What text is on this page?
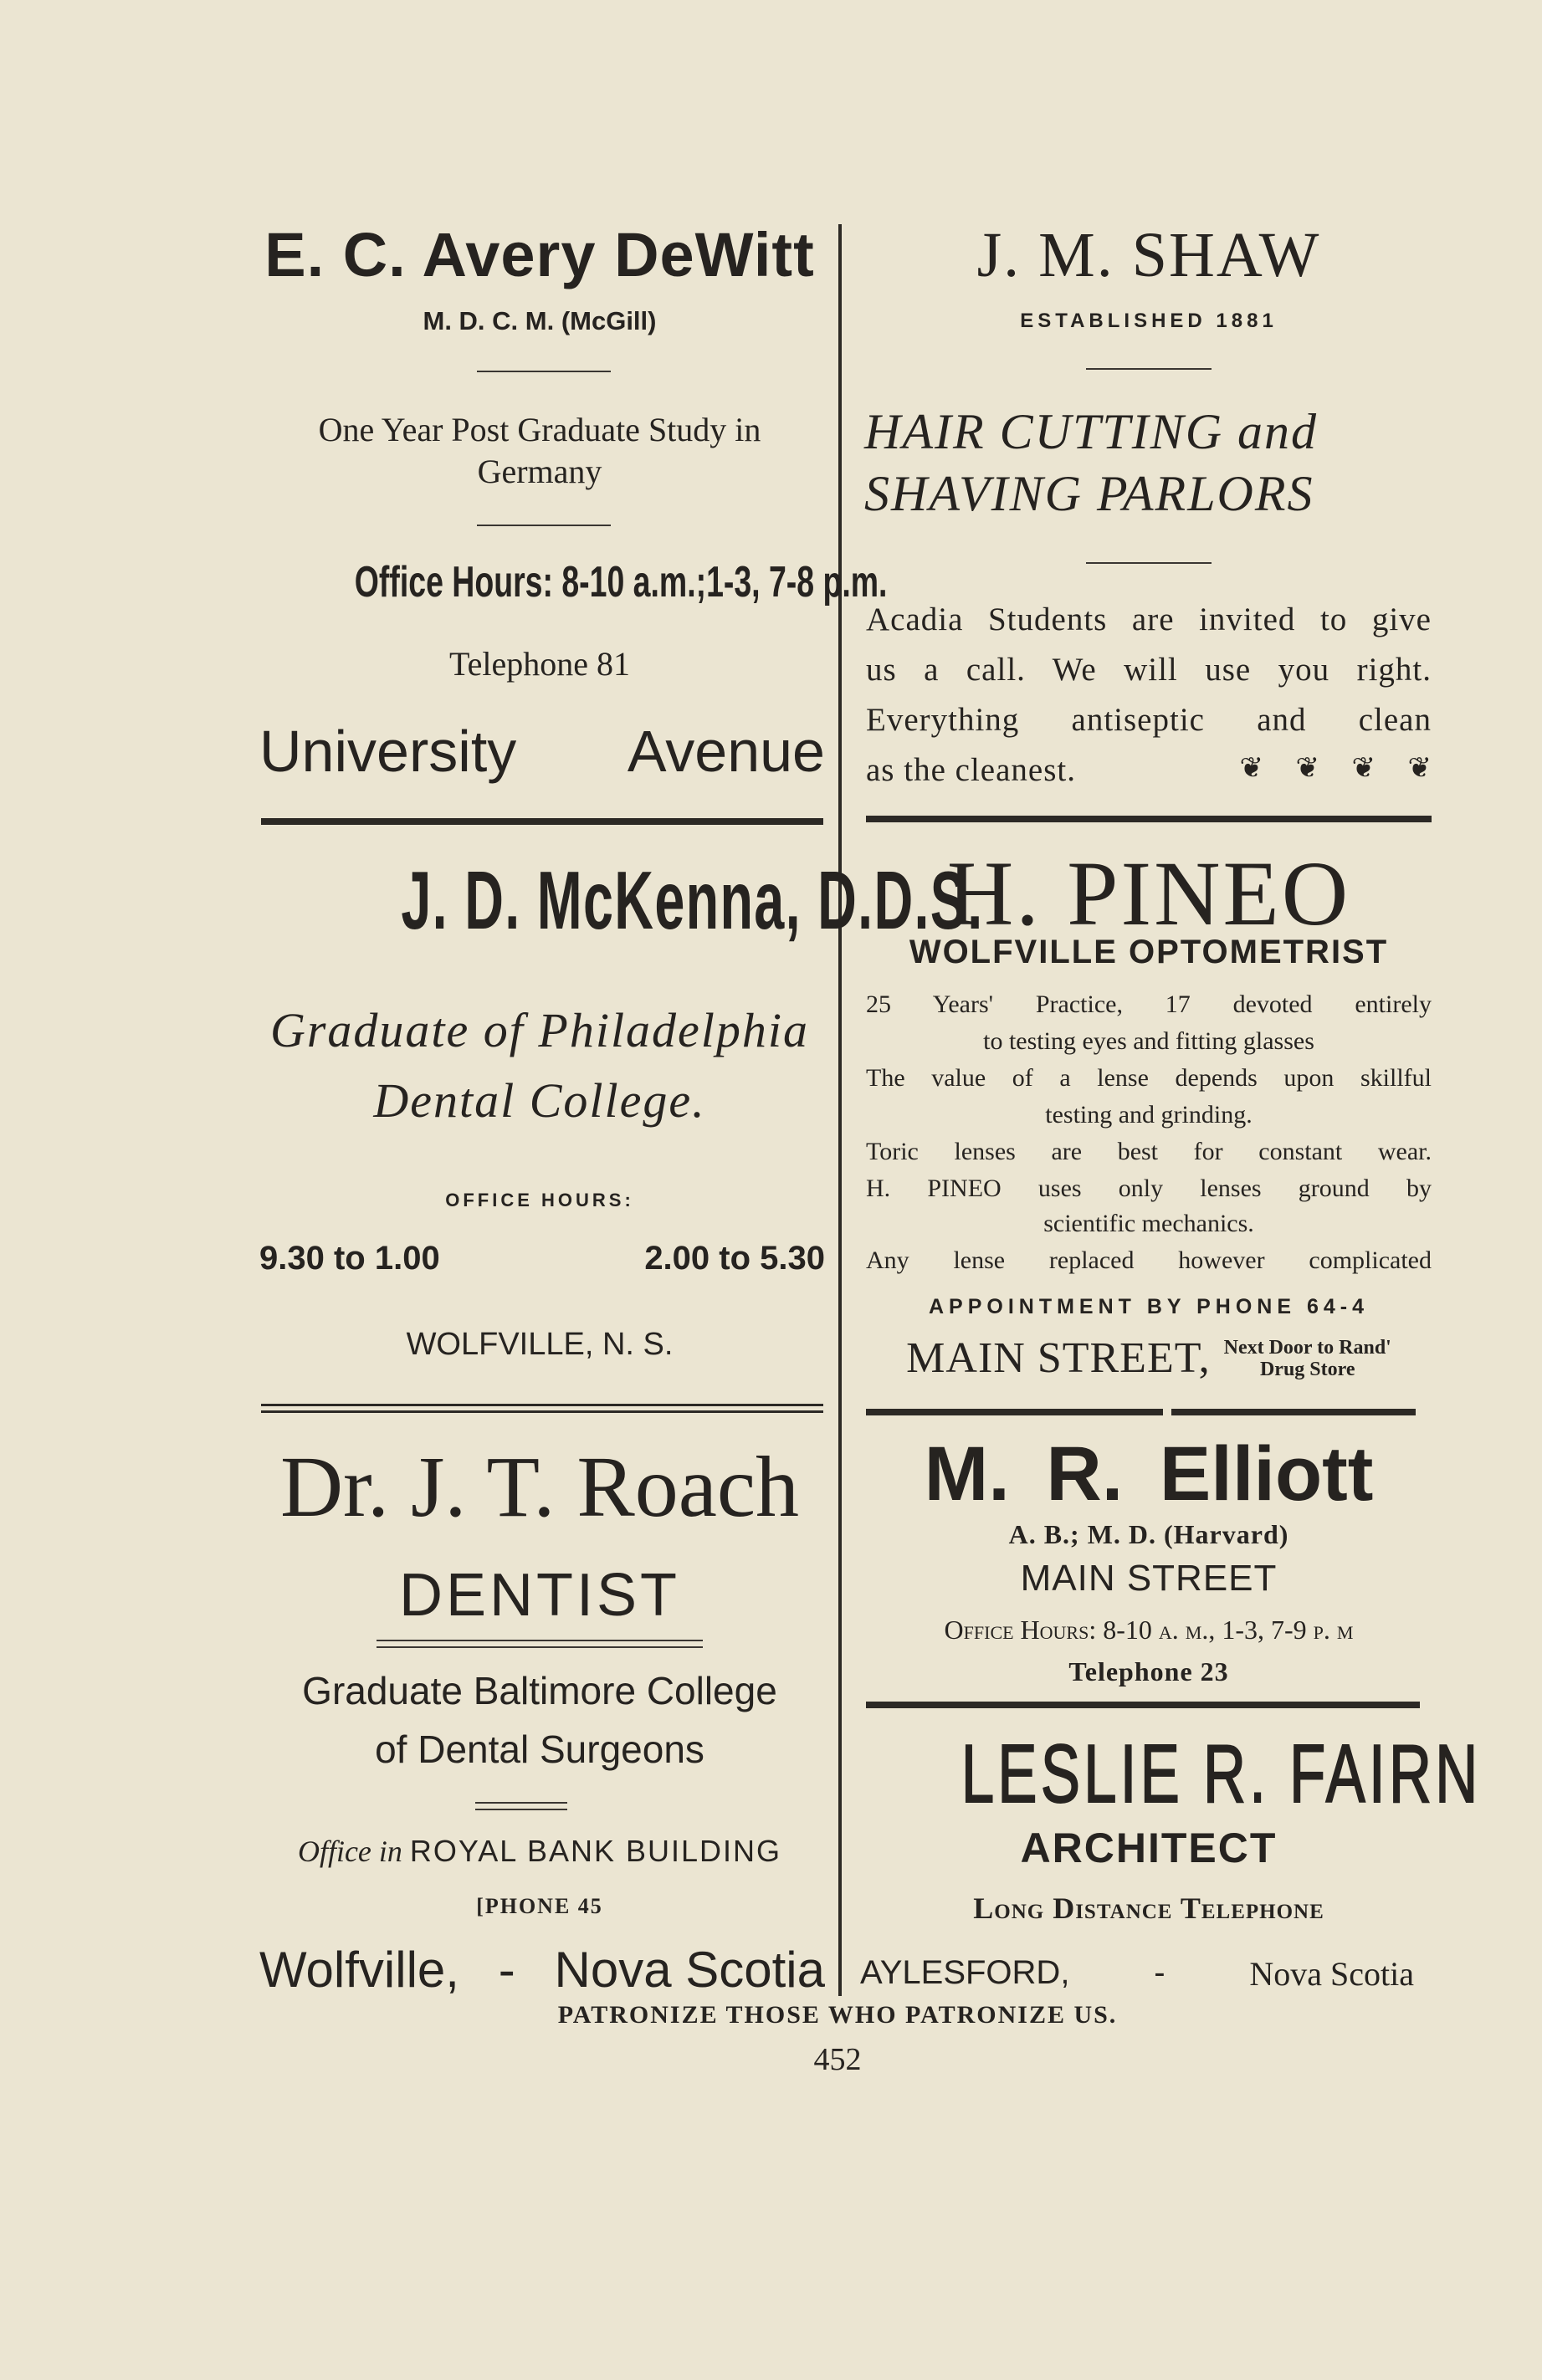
E. C. Avery DeWitt
M. D. C. M. (McGill)
One Year Post Graduate Study in
Germany
Office Hours: 8-10 a.m.;1-3, 7-8 p.m.
Telephone 81
University Avenue
J. M. SHAW
ESTABLISHED 1881
HAIR CUTTING and
SHAVING PARLORS
Acadia Students are invited to give
us a call. We will use you right.
Everything antiseptic and clean
as the cleanest.	❦ ❦ ❦ ❦
J. D. McKenna, D.D.S.
Graduate of Philadelphia
Dental College.
OFFICE HOURS:
9.30 to 1.00	2.00 to 5.30
WOLFVILLE, N. S.
H. PINEO
WOLFVILLE OPTOMETRIST
25 Years' Practice, 17 devoted entirely
to testing eyes and fitting glasses
The value of a lense depends upon skillful
testing and grinding.
Toric lenses are best for constant wear.
H. PINEO uses only lenses ground by
scientific mechanics.
Any lense replaced however complicated
APPOINTMENT BY PHONE 64-4
MAIN STREET, Next Door to Rand'
Drug Store
Dr. J. T. Roach
DENTIST
Graduate Baltimore College
of Dental Surgeons
Office in ROYAL BANK BUILDING
[PHONE 45
Wolfville, - Nova Scotia
M. R. Elliott
A. B.; M. D. (Harvard)
MAIN STREET
Office Hours: 8-10 a. m., 1-3, 7-9 p. m
Telephone 23
LESLIE R. FAIRN
ARCHITECT
Long Distance Telephone
AYLESFORD,	-	Nova Scotia
PATRONIZE THOSE WHO PATRONIZE US.
452
